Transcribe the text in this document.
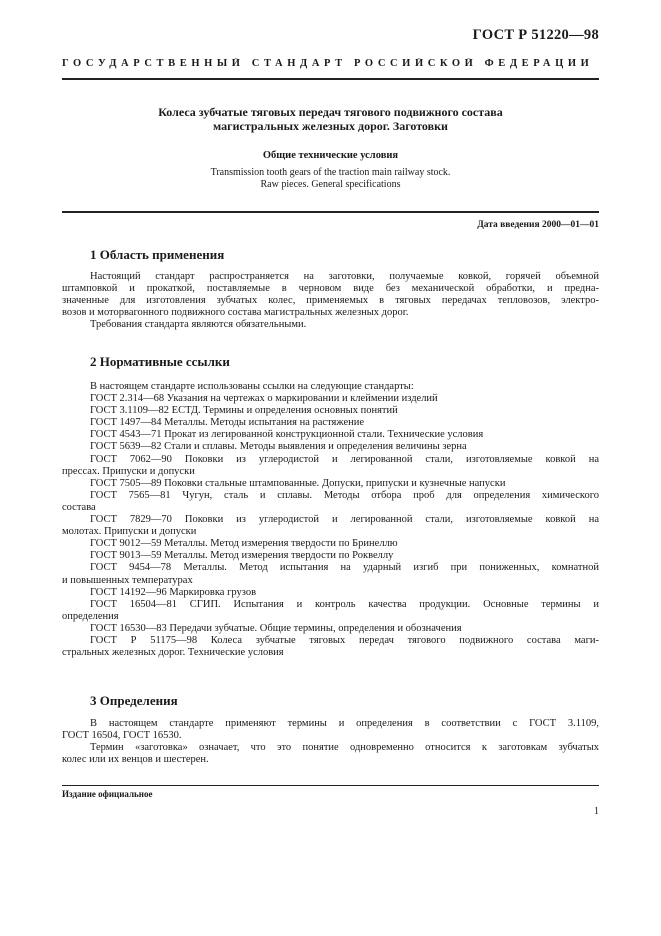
ГОСТ Р 51220—98
ГОСУДАРСТВЕННЫЙ СТАНДАРТ РОССИЙСКОЙ ФЕДЕРАЦИИ
Колеса зубчатые тяговых передач тягового подвижного состава
магистральных железных дорог. Заготовки
Общие технические условия
Transmission tooth gears of the traction main railway stock.
Raw pieces. General specifications
Дата введения 2000—01—01
1 Область применения
Настоящий стандарт распространяется на заготовки, получаемые ковкой, горячей объемной
штамповкой и прокаткой, поставляемые в черновом виде без механической обработки, и предна-
значенные для изготовления зубчатых колес, применяемых в тяговых передачах тепловозов, электро-
возов и моторвагонного подвижного состава магистральных железных дорог.
Требования стандарта являются обязательными.
2 Нормативные ссылки
В настоящем стандарте использованы ссылки на следующие стандарты:
ГОСТ 2.314—68 Указания на чертежах о маркировании и клеймении изделий
ГОСТ 3.1109—82 ЕСТД. Термины и определения основных понятий
ГОСТ 1497—84 Металлы. Методы испытания на растяжение
ГОСТ 4543—71 Прокат из легированной конструкционной стали. Технические условия
ГОСТ 5639—82 Стали и сплавы. Методы выявления и определения величины зерна
ГОСТ 7062—90 Поковки из углеродистой и легированной стали, изготовляемые ковкой на
прессах. Припуски и допуски
ГОСТ 7505—89 Поковки стальные штампованные. Допуски, припуски и кузнечные напуски
ГОСТ 7565—81 Чугун, сталь и сплавы. Методы отбора проб для определения химического
состава
ГОСТ 7829—70 Поковки из углеродистой и легированной стали, изготовляемые ковкой на
молотах. Припуски и допуски
ГОСТ 9012—59 Металлы. Метод измерения твердости по Бринеллю
ГОСТ 9013—59 Металлы. Метод измерения твердости по Роквеллу
ГОСТ 9454—78 Металлы. Метод испытания на ударный изгиб при пониженных, комнатной
и повышенных температурах
ГОСТ 14192—96 Маркировка грузов
ГОСТ 16504—81 СГИП. Испытания и контроль качества продукции. Основные термины и
определения
ГОСТ 16530—83 Передачи зубчатые. Общие термины, определения и обозначения
ГОСТ Р 51175—98 Колеса зубчатые тяговых передач тягового подвижного состава маги-
стральных железных дорог. Технические условия
3 Определения
В настоящем стандарте применяют термины и определения в соответствии с ГОСТ 3.1109,
ГОСТ 16504, ГОСТ 16530.
Термин «заготовка» означает, что это понятие одновременно относится к заготовкам зубчатых
колес или их венцов и шестерен.
Издание официальное
1
